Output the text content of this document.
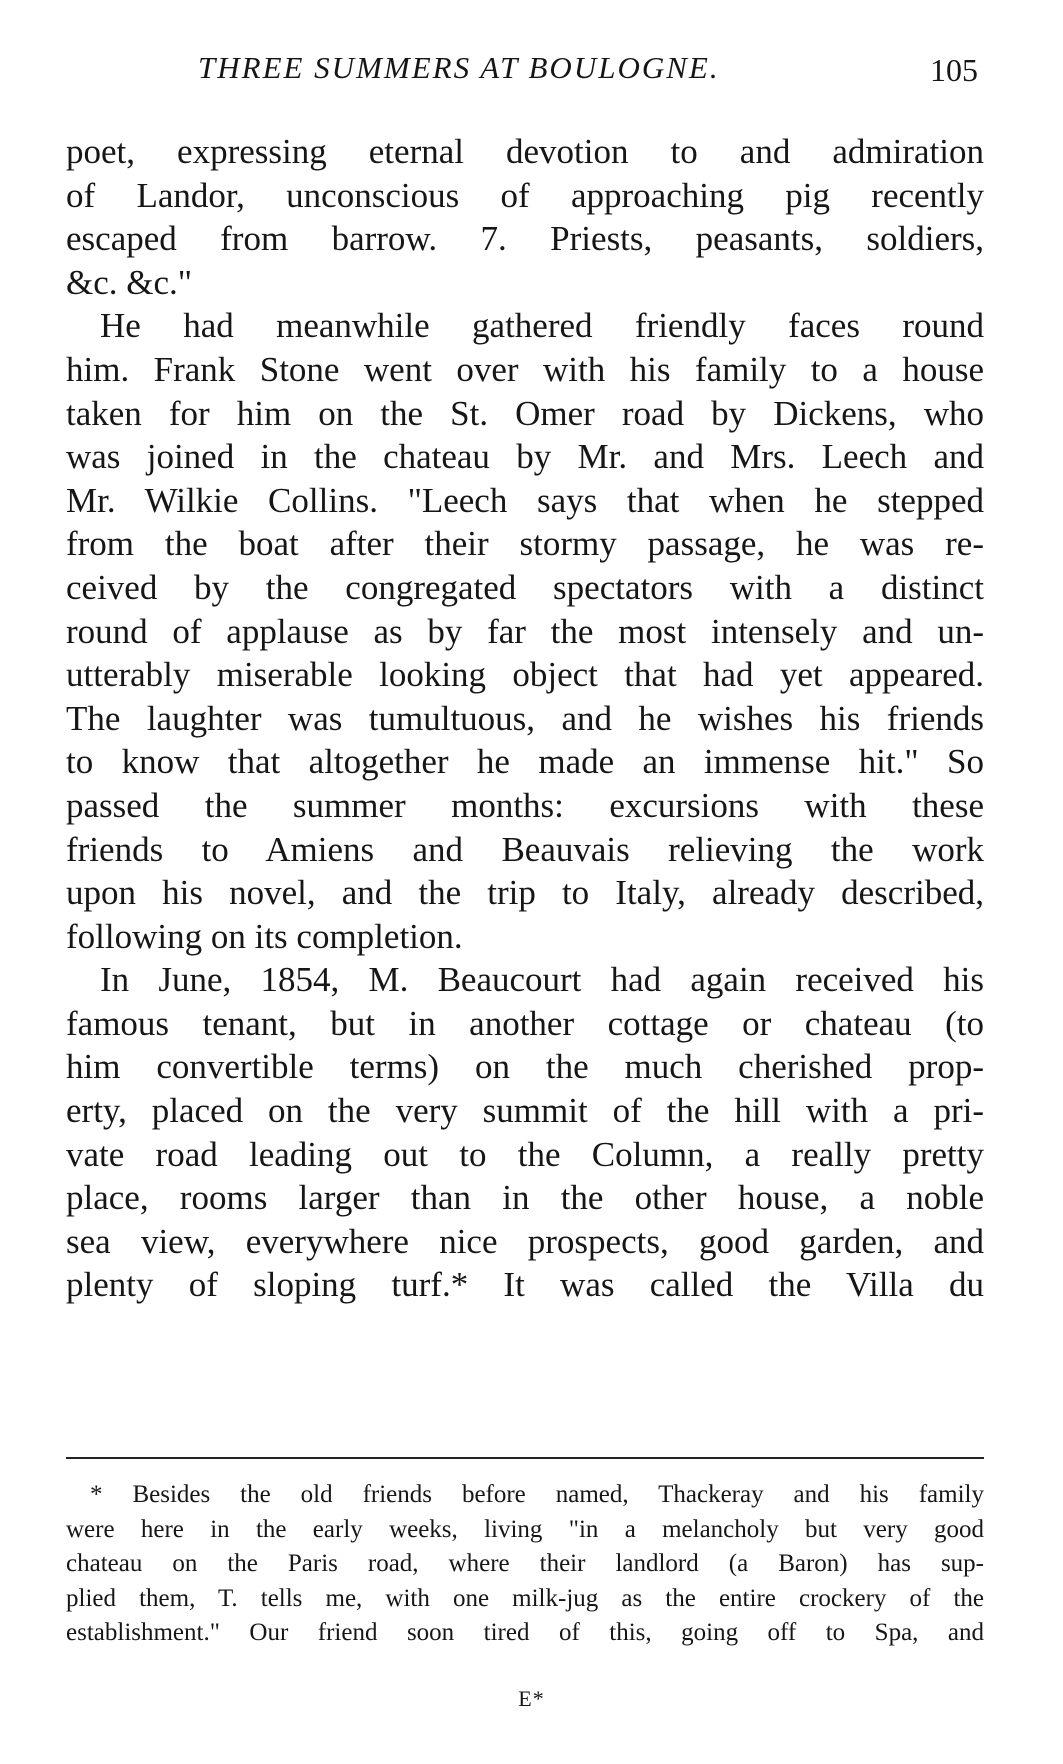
THREE SUMMERS AT BOULOGNE.	105
poet, expressing eternal devotion to and admiration
of Landor, unconscious of approaching pig recently
escaped from barrow. 7. Priests, peasants, soldiers,
&c. &c."
He had meanwhile gathered friendly faces round
him. Frank Stone went over with his family to a house
taken for him on the St. Omer road by Dickens, who
was joined in the chateau by Mr. and Mrs. Leech and
Mr. Wilkie Collins. "Leech says that when he stepped
from the boat after their stormy passage, he was re-
ceived by the congregated spectators with a distinct
round of applause as by far the most intensely and un-
utterably miserable looking object that had yet appeared.
The laughter was tumultuous, and he wishes his friends
to know that altogether he made an immense hit." So
passed the summer months: excursions with these
friends to Amiens and Beauvais relieving the work
upon his novel, and the trip to Italy, already described,
following on its completion.
In June, 1854, M. Beaucourt had again received his
famous tenant, but in another cottage or chateau (to
him convertible terms) on the much cherished prop-
erty, placed on the very summit of the hill with a pri-
vate road leading out to the Column, a really pretty
place, rooms larger than in the other house, a noble
sea view, everywhere nice prospects, good garden, and
plenty of sloping turf.* It was called the Villa du
* Besides the old friends before named, Thackeray and his family
were here in the early weeks, living "in a melancholy but very good
chateau on the Paris road, where their landlord (a Baron) has sup-
plied them, T. tells me, with one milk-jug as the entire crockery of the
establishment." Our friend soon tired of this, going off to Spa, and
E*
